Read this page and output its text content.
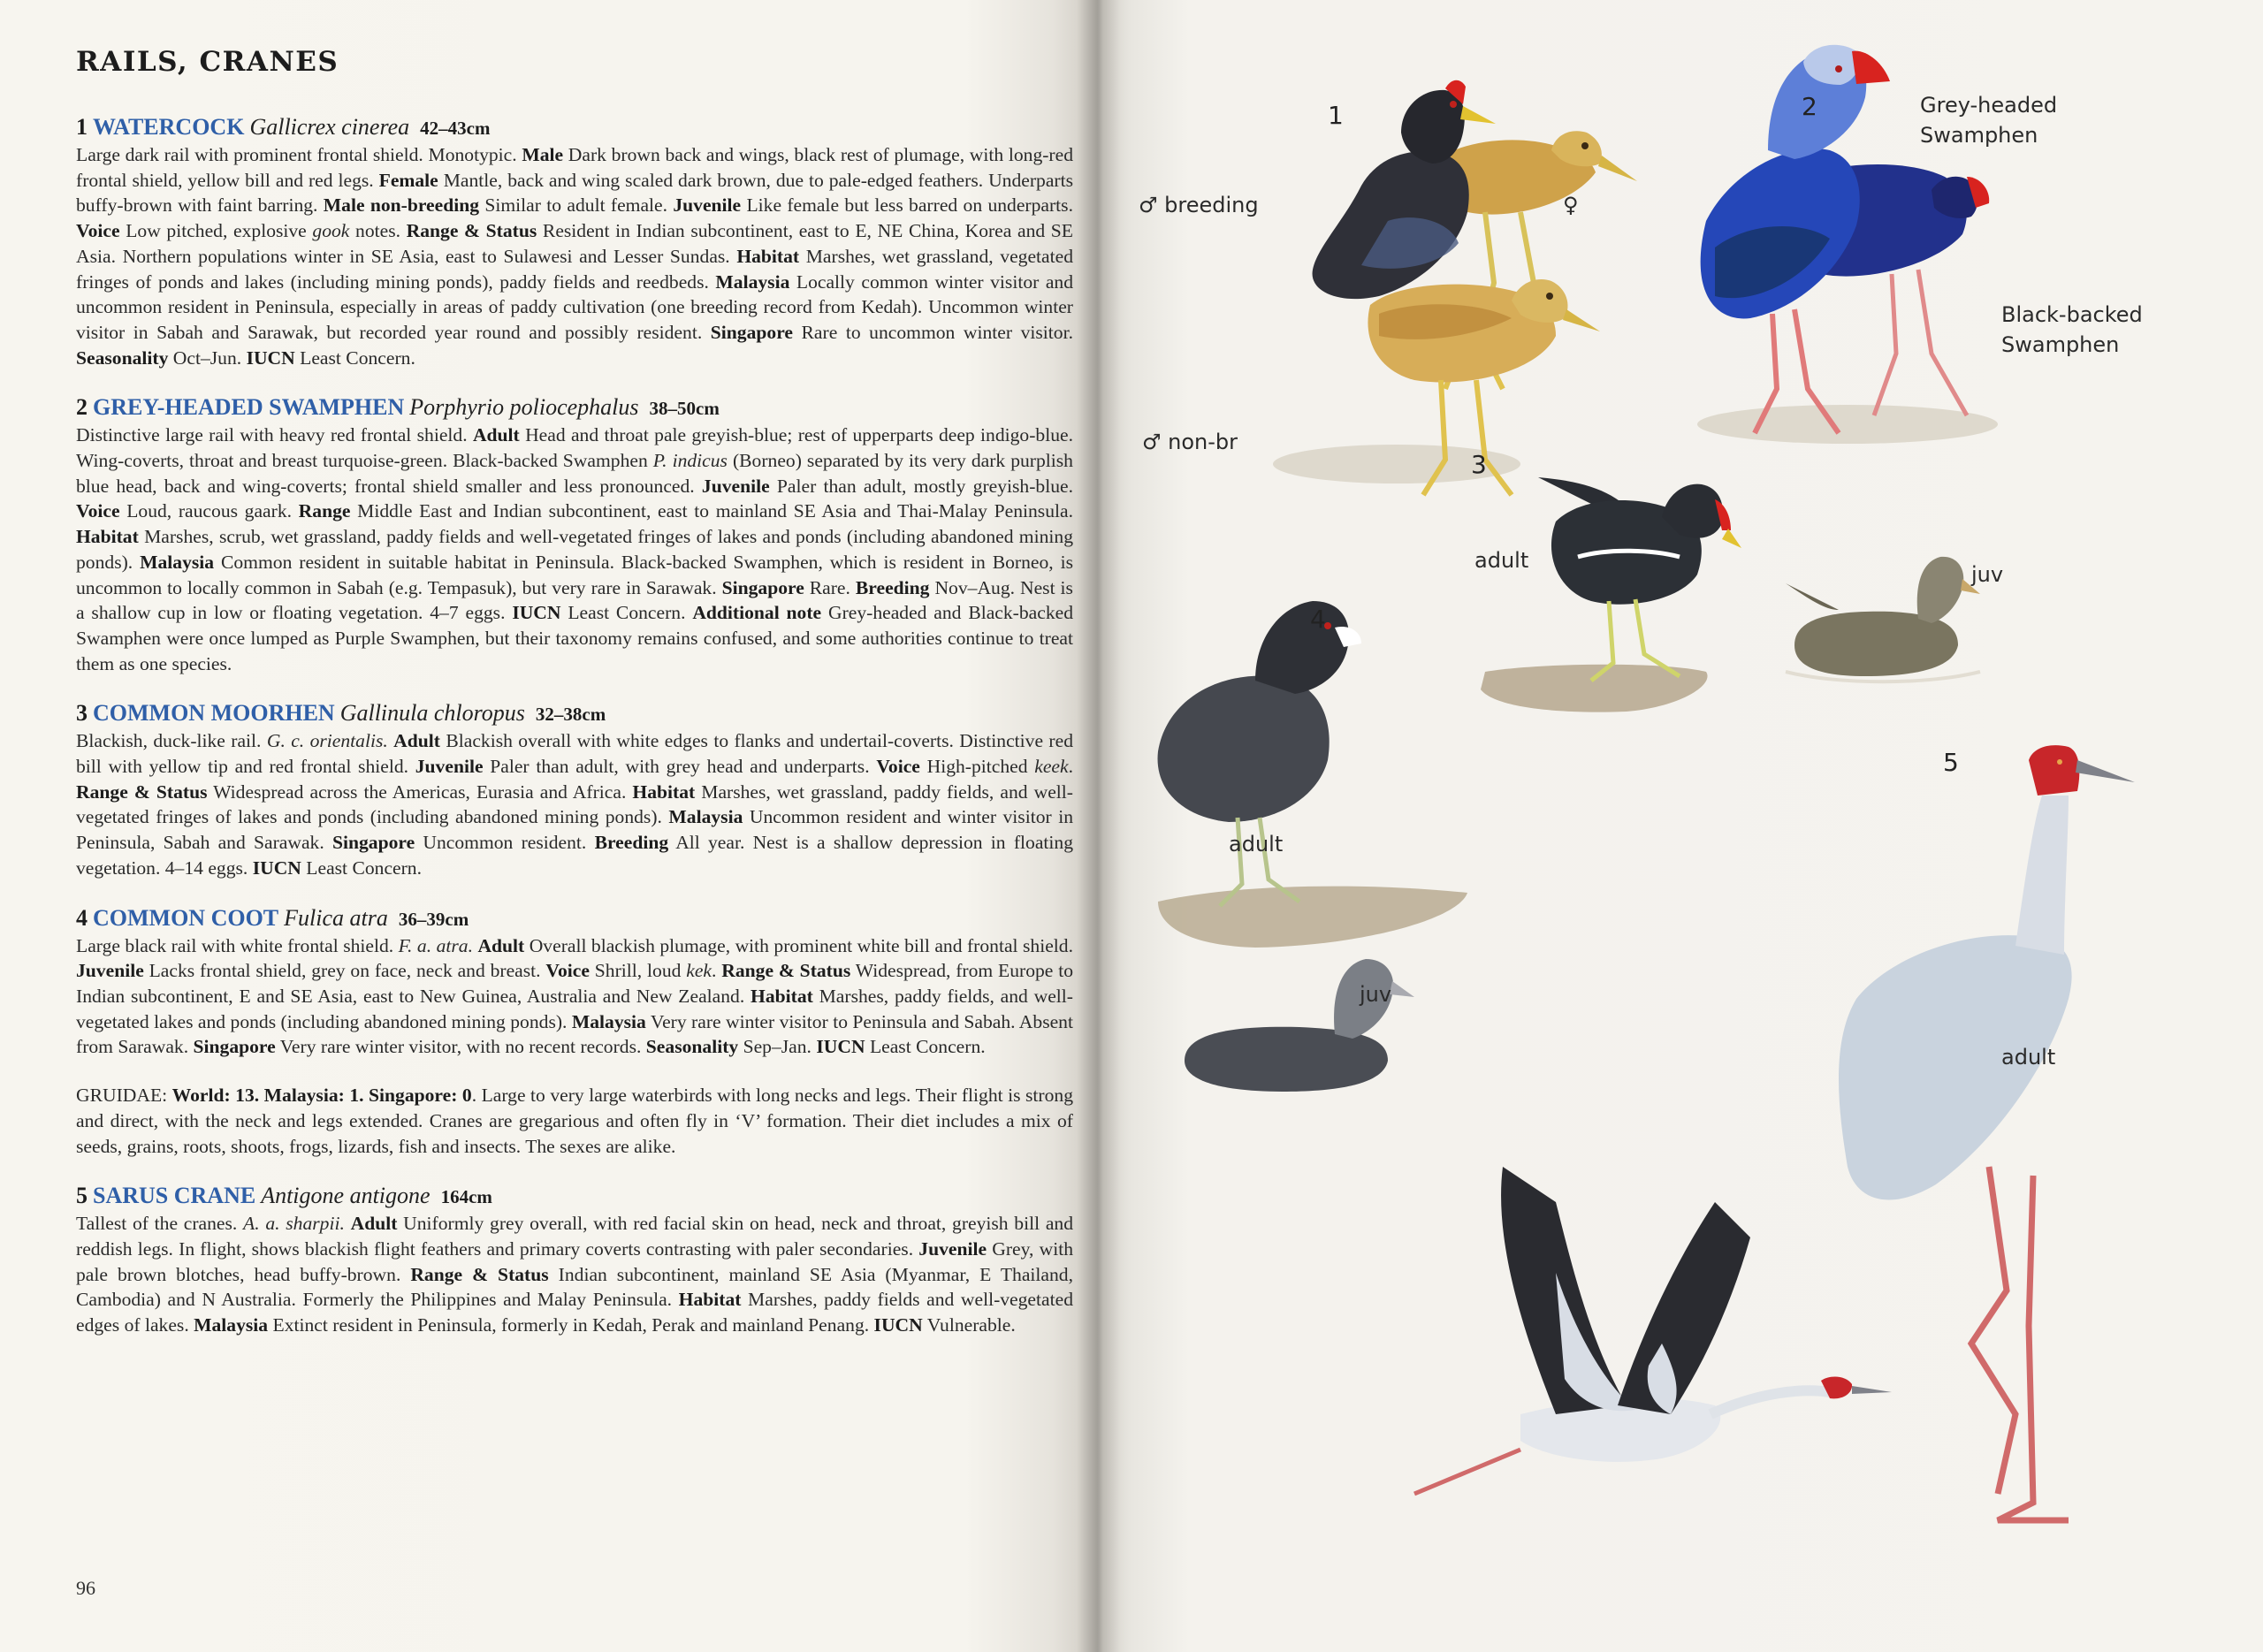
RAILS, CRANES
1 WATERCOCK Gallicrex cinerea 42–43cm
Large dark rail with prominent frontal shield. Monotypic. Male Dark brown back and wings, black rest of plumage, with long-red frontal shield, yellow bill and red legs. Female Mantle, back and wing scaled dark brown, due to pale-edged feathers. Underparts buffy-brown with faint barring. Male non-breeding Similar to adult female. Juvenile Like female but less barred on underparts. Voice Low pitched, explosive gook notes. Range & Status Resident in Indian subcontinent, east to E, NE China, Korea and SE Asia. Northern populations winter in SE Asia, east to Sulawesi and Lesser Sundas. Habitat Marshes, wet grassland, vegetated fringes of ponds and lakes (including mining ponds), paddy fields and reedbeds. Malaysia Locally common winter visitor and uncommon resident in Peninsula, especially in areas of paddy cultivation (one breeding record from Kedah). Uncommon winter visitor in Sabah and Sarawak, but recorded year round and possibly resident. Singapore Rare to uncommon winter visitor. Seasonality Oct–Jun. IUCN Least Concern.
2 GREY-HEADED SWAMPHEN Porphyrio poliocephalus 38–50cm
Distinctive large rail with heavy red frontal shield. Adult Head and throat pale greyish-blue; rest of upperparts deep indigo-blue. Wing-coverts, throat and breast turquoise-green. Black-backed Swamphen P. indicus (Borneo) separated by its very dark purplish blue head, back and wing-coverts; frontal shield smaller and less pronounced. Juvenile Paler than adult, mostly greyish-blue. Voice Loud, raucous gaark. Range Middle East and Indian subcontinent, east to mainland SE Asia and Thai-Malay Peninsula. Habitat Marshes, scrub, wet grassland, paddy fields and well-vegetated fringes of lakes and ponds (including abandoned mining ponds). Malaysia Common resident in suitable habitat in Peninsula. Black-backed Swamphen, which is resident in Borneo, is uncommon to locally common in Sabah (e.g. Tempasuk), but very rare in Sarawak. Singapore Rare. Breeding Nov–Aug. Nest is a shallow cup in low or floating vegetation. 4–7 eggs. IUCN Least Concern. Additional note Grey-headed and Black-backed Swamphen were once lumped as Purple Swamphen, but their taxonomy remains confused, and some authorities continue to treat them as one species.
3 COMMON MOORHEN Gallinula chloropus 32–38cm
Blackish, duck-like rail. G. c. orientalis. Adult Blackish overall with white edges to flanks and undertail-coverts. Distinctive red bill with yellow tip and red frontal shield. Juvenile Paler than adult, with grey head and underparts. Voice High-pitched keek. Range & Status Widespread across the Americas, Eurasia and Africa. Habitat Marshes, wet grassland, paddy fields, and well-vegetated fringes of lakes and ponds (including abandoned mining ponds). Malaysia Uncommon resident and winter visitor in Peninsula, Sabah and Sarawak. Singapore Uncommon resident. Breeding All year. Nest is a shallow depression in floating vegetation. 4–14 eggs. IUCN Least Concern.
4 COMMON COOT Fulica atra 36–39cm
Large black rail with white frontal shield. F. a. atra. Adult Overall blackish plumage, with prominent white bill and frontal shield. Juvenile Lacks frontal shield, grey on face, neck and breast. Voice Shrill, loud kek. Range & Status Widespread, from Europe to Indian subcontinent, E and SE Asia, east to New Guinea, Australia and New Zealand. Habitat Marshes, paddy fields, and well-vegetated lakes and ponds (including abandoned mining ponds). Malaysia Very rare winter visitor to Peninsula and Sabah. Absent from Sarawak. Singapore Very rare winter visitor, with no recent records. Seasonality Sep–Jan. IUCN Least Concern.
GRUIDAE: World: 13. Malaysia: 1. Singapore: 0. Large to very large waterbirds with long necks and legs. Their flight is strong and direct, with the neck and legs extended. Cranes are gregarious and often fly in ‘V’ formation. Their diet includes a mix of seeds, grains, roots, shoots, frogs, lizards, fish and insects. The sexes are alike.
5 SARUS CRANE Antigone antigone 164cm
Tallest of the cranes. A. a. sharpii. Adult Uniformly grey overall, with red facial skin on head, neck and throat, greyish bill and reddish legs. In flight, shows blackish flight feathers and primary coverts contrasting with paler secondaries. Juvenile Grey, with pale brown blotches, head buffy-brown. Range & Status Indian subcontinent, mainland SE Asia (Myanmar, E Thailand, Cambodia) and N Australia. Formerly the Philippines and Malay Peninsula. Habitat Marshes, paddy fields and well-vegetated edges of lakes. Malaysia Extinct resident in Peninsula, formerly in Kedah, Perak and mainland Penang. IUCN Vulnerable.
96
1
♂ breeding	♀
♂ non-br
2	Grey-headed
Swamphen
Black-backed
Swamphen
3
adult
juv
4
adult
juv
5
adult
